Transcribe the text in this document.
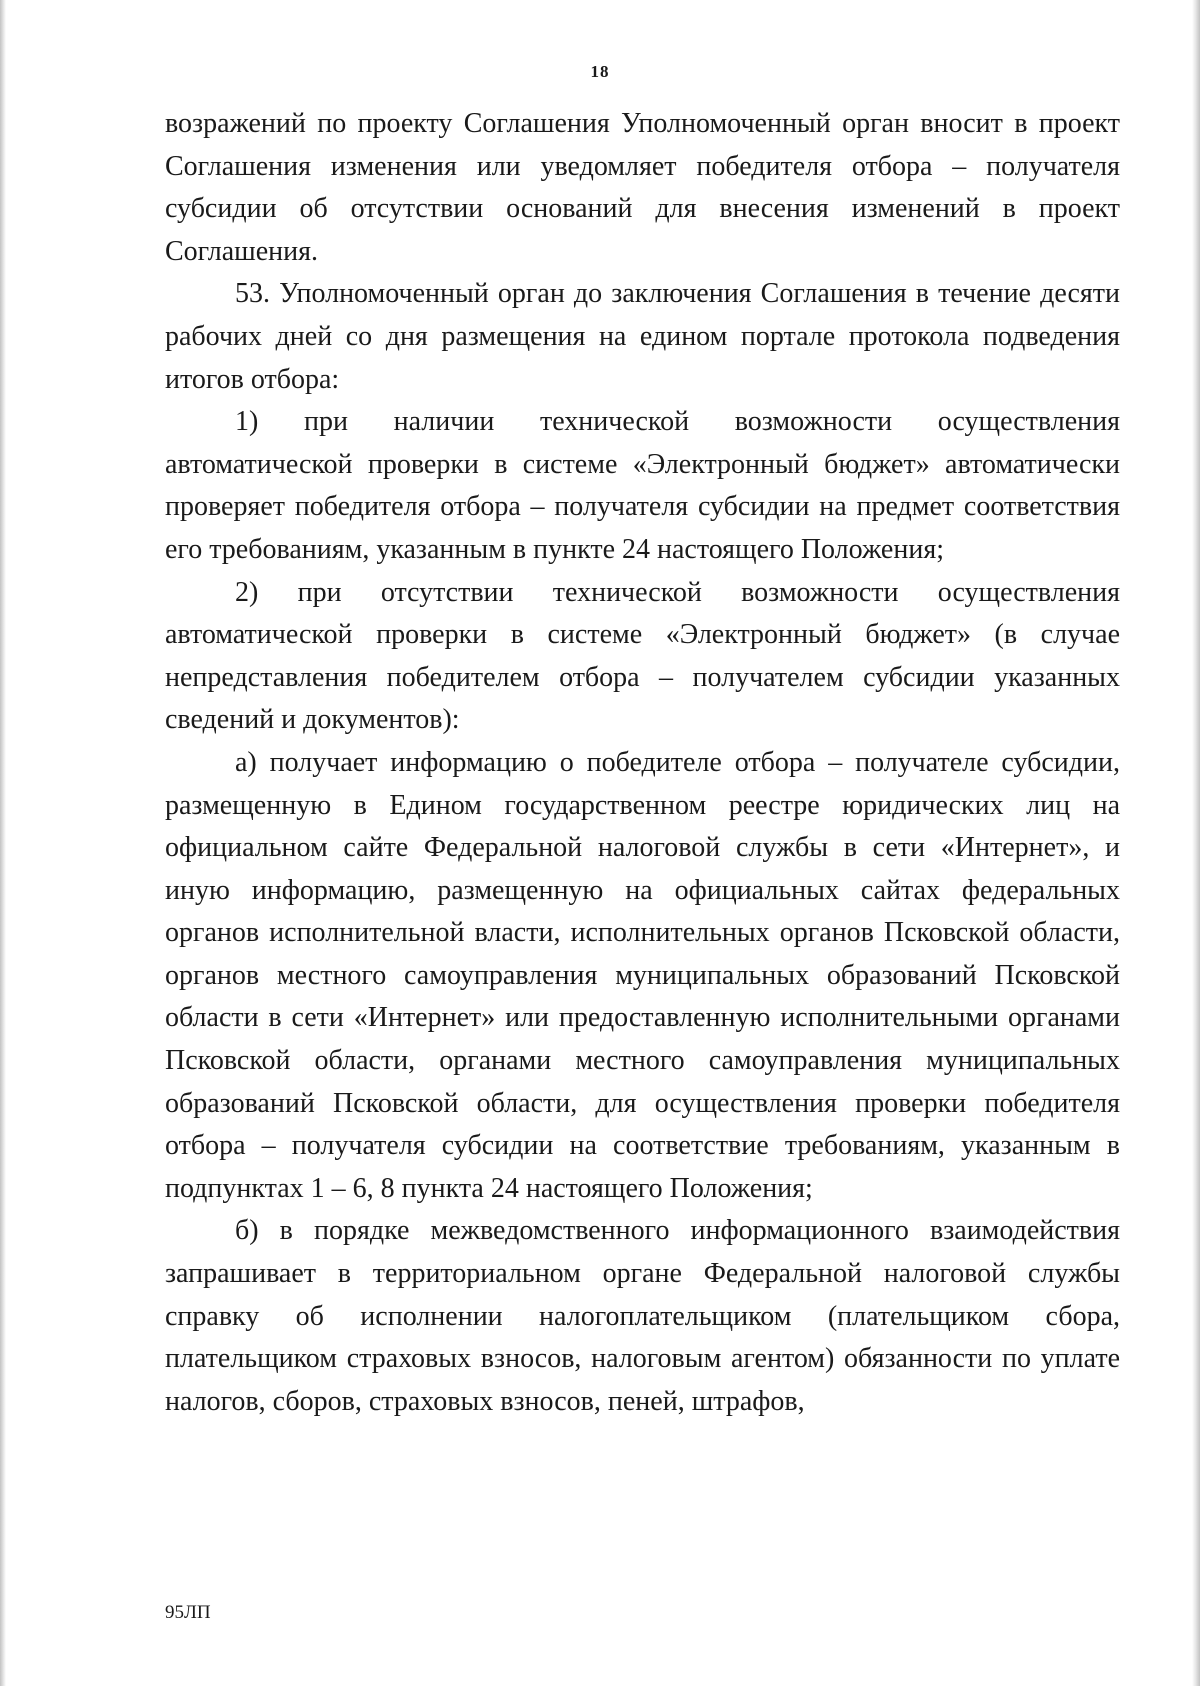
18

возражений по проекту Соглашения Уполномоченный орган вносит в проект Соглашения изменения или уведомляет победителя отбора – получателя субсидии об отсутствии оснований для внесения изменений в проект Соглашения.

53. Уполномоченный орган до заключения Соглашения в течение десяти рабочих дней со дня размещения на едином портале протокола подведения итогов отбора:

1) при наличии технической возможности осуществления автоматической проверки в системе «Электронный бюджет» автоматически проверяет победителя отбора – получателя субсидии на предмет соответствия его требованиям, указанным в пункте 24 настоящего Положения;

2) при отсутствии технической возможности осуществления автоматической проверки в системе «Электронный бюджет» (в случае непредставления победителем отбора – получателем субсидии указанных сведений и документов):

а) получает информацию о победителе отбора – получателе субсидии, размещенную в Едином государственном реестре юридических лиц на официальном сайте Федеральной налоговой службы в сети «Интернет», и иную информацию, размещенную на официальных сайтах федеральных органов исполнительной власти, исполнительных органов Псковской области, органов местного самоуправления муниципальных образований Псковской области в сети «Интернет» или предоставленную исполнительными органами Псковской области, органами местного самоуправления муниципальных образований Псковской области, для осуществления проверки победителя отбора – получателя субсидии на соответствие требованиям, указанным в подпунктах 1 – 6, 8 пункта 24 настоящего Положения;

б) в порядке межведомственного информационного взаимодействия запрашивает в территориальном органе Федеральной налоговой службы справку об исполнении налогоплательщиком (плательщиком сбора, плательщиком страховых взносов, налоговым агентом) обязанности по уплате налогов, сборов, страховых взносов, пеней, штрафов,

95ЛП
